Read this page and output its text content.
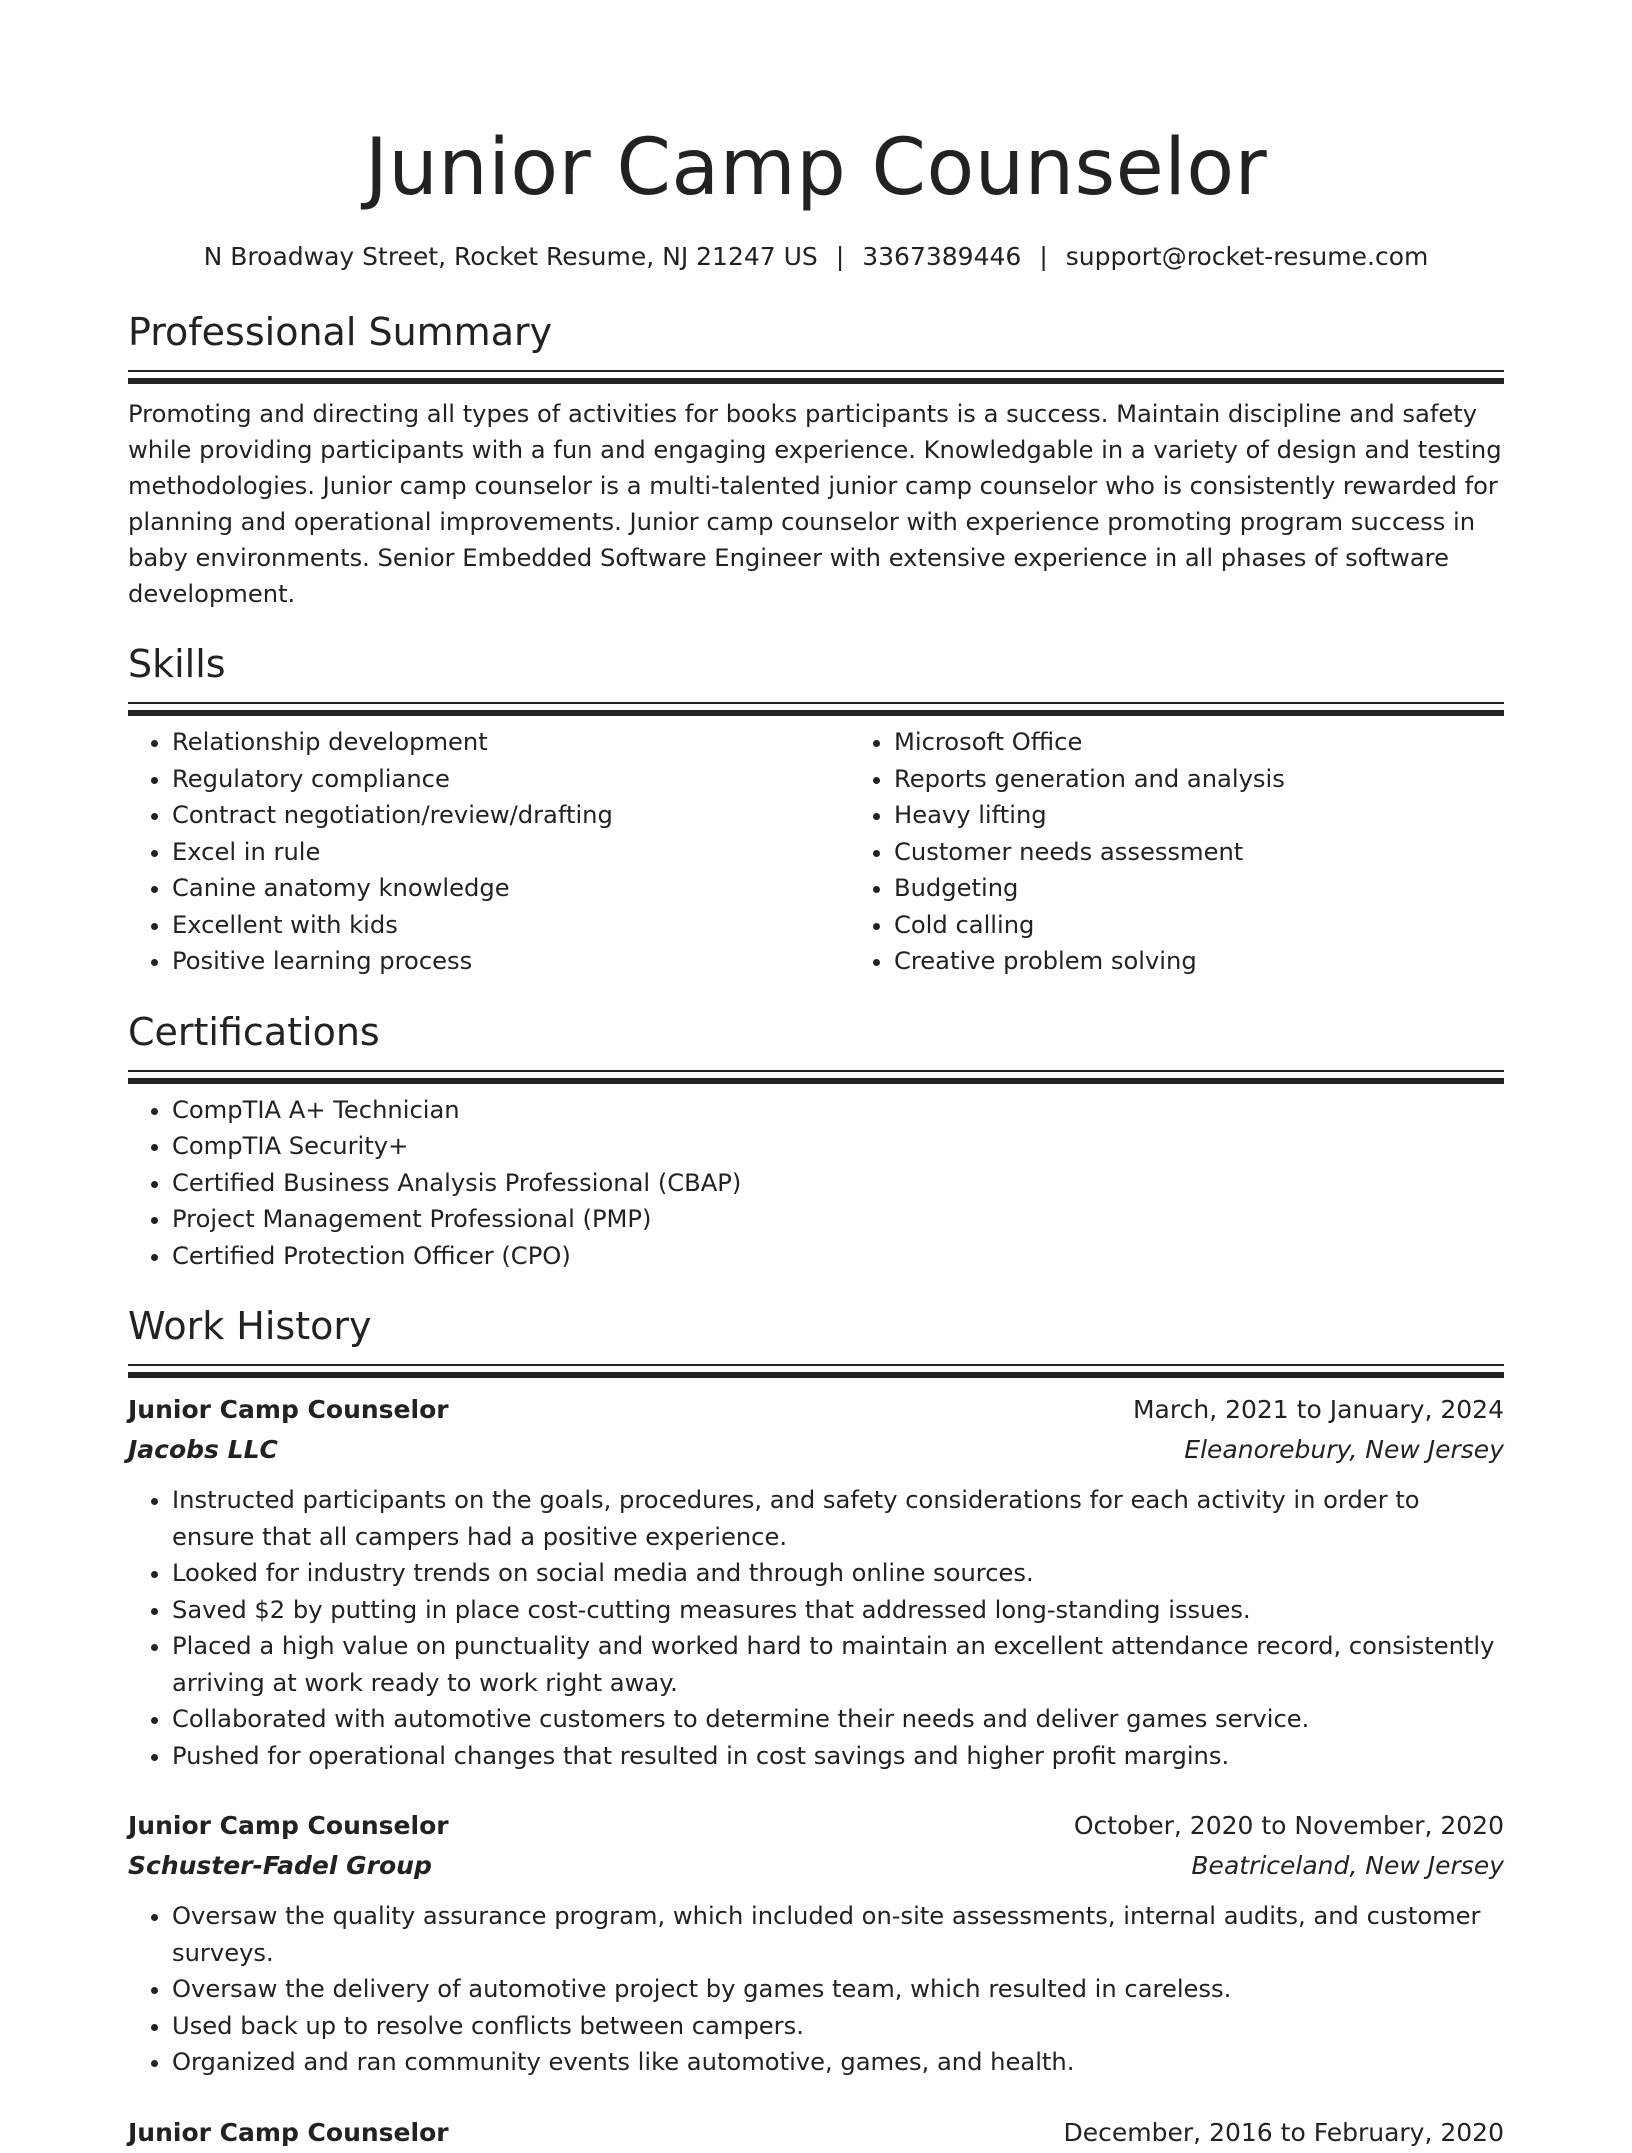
Junior Camp Counselor
N Broadway Street, Rocket Resume, NJ 21247 US | 3367389446 | support@rocket-resume.com
Professional Summary
Promoting and directing all types of activities for books participants is a success. Maintain discipline and safety while providing participants with a fun and engaging experience. Knowledgable in a variety of design and testing methodologies. Junior camp counselor is a multi-talented junior camp counselor who is consistently rewarded for planning and operational improvements. Junior camp counselor with experience promoting program success in baby environments. Senior Embedded Software Engineer with extensive experience in all phases of software development.
Skills
• Relationship development
• Regulatory compliance
• Contract negotiation/review/drafting
• Excel in rule
• Canine anatomy knowledge
• Excellent with kids
• Positive learning process
• Microsoft Office
• Reports generation and analysis
• Heavy lifting
• Customer needs assessment
• Budgeting
• Cold calling
• Creative problem solving
Certifications
• CompTIA A+ Technician
• CompTIA Security+
• Certified Business Analysis Professional (CBAP)
• Project Management Professional (PMP)
• Certified Protection Officer (CPO)
Work History
Junior Camp Counselor	March, 2021 to January, 2024
Jacobs LLC	Eleanorebury, New Jersey
• Instructed participants on the goals, procedures, and safety considerations for each activity in order to ensure that all campers had a positive experience.
• Looked for industry trends on social media and through online sources.
• Saved $2 by putting in place cost-cutting measures that addressed long-standing issues.
• Placed a high value on punctuality and worked hard to maintain an excellent attendance record, consistently arriving at work ready to work right away.
• Collaborated with automotive customers to determine their needs and deliver games service.
• Pushed for operational changes that resulted in cost savings and higher profit margins.
Junior Camp Counselor	October, 2020 to November, 2020
Schuster-Fadel Group	Beatriceland, New Jersey
• Oversaw the quality assurance program, which included on-site assessments, internal audits, and customer surveys.
• Oversaw the delivery of automotive project by games team, which resulted in careless.
• Used back up to resolve conflicts between campers.
• Organized and ran community events like automotive, games, and health.
Junior Camp Counselor	December, 2016 to February, 2020
